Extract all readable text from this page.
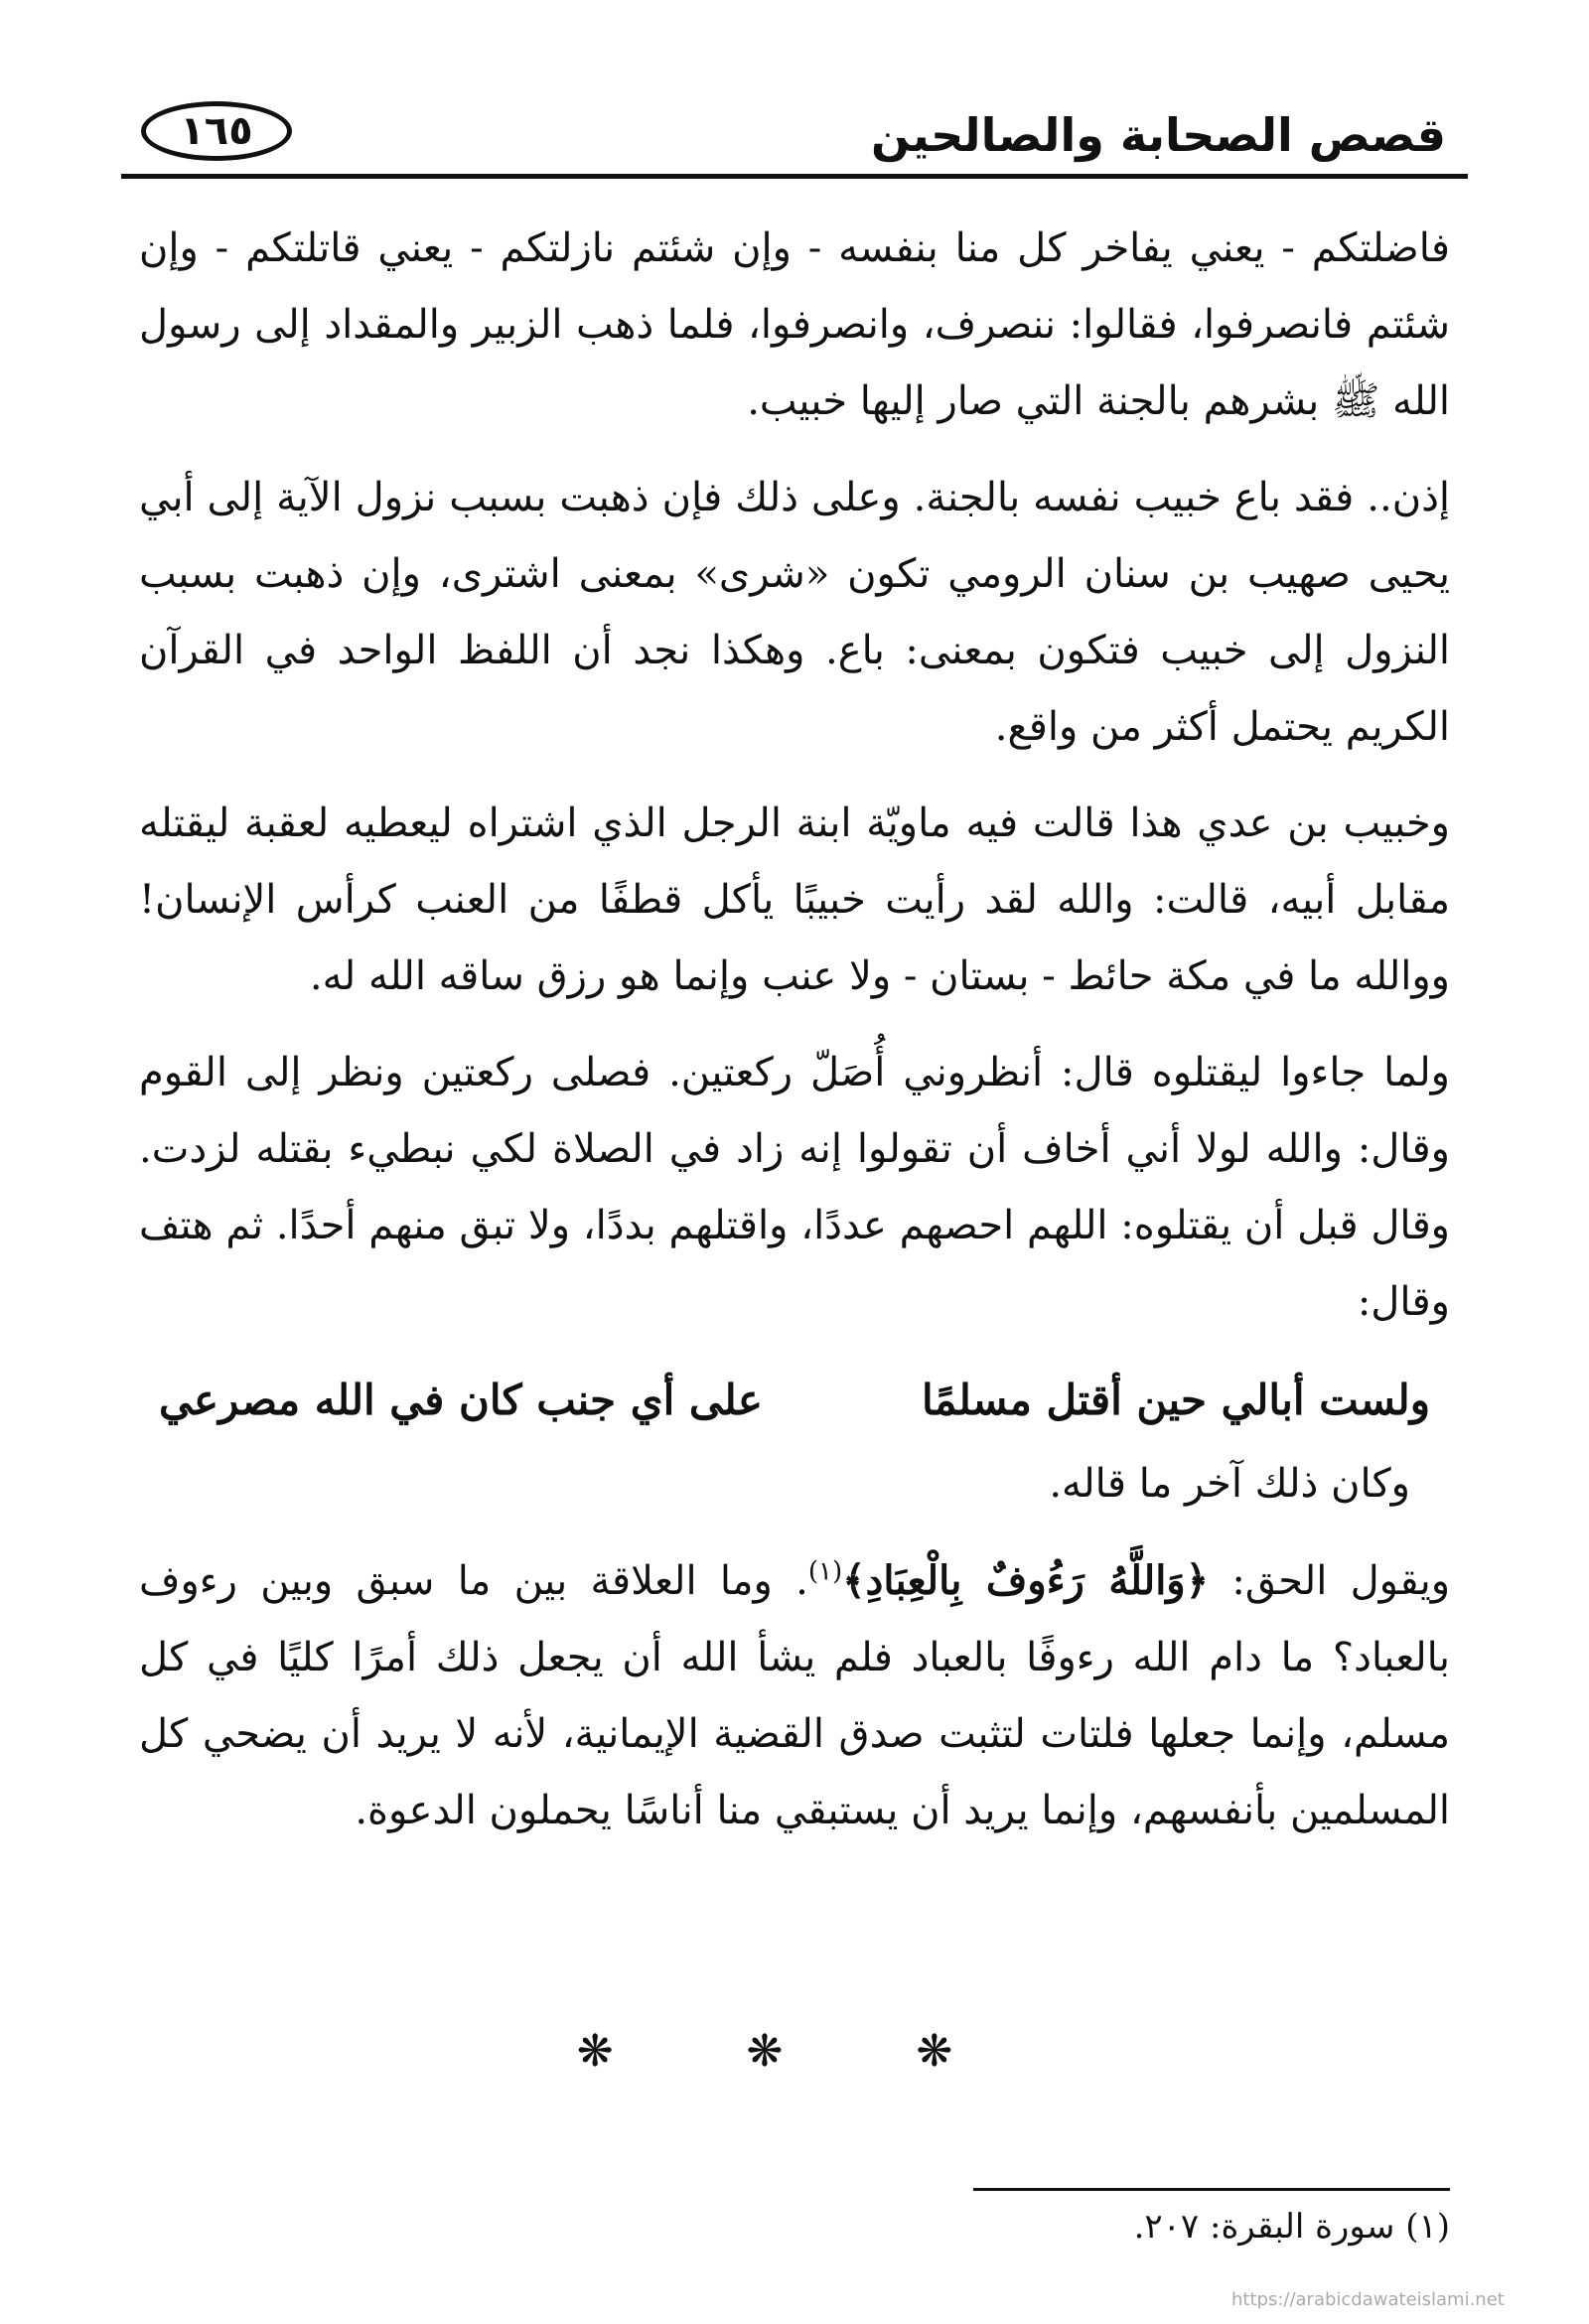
قصص الصحابة والصالحين
١٦٥

فاضلتكم - يعني يفاخر كل منا بنفسه - وإن شئتم نازلتكم - يعني قاتلتكم - وإن شئتم فانصرفوا، فقالوا: ننصرف، وانصرفوا، فلما ذهب الزبير والمقداد إلى رسول الله ﷺ بشرهم بالجنة التي صار إليها خبيب.

إذن.. فقد باع خبيب نفسه بالجنة. وعلى ذلك فإن ذهبت بسبب نزول الآية إلى أبي يحيى صهيب بن سنان الرومي تكون «شرى» بمعنى اشترى، وإن ذهبت بسبب النزول إلى خبيب فتكون بمعنى: باع. وهكذا نجد أن اللفظ الواحد في القرآن الكريم يحتمل أكثر من واقع.

وخبيب بن عدي هذا قالت فيه ماويّة ابنة الرجل الذي اشتراه ليعطيه لعقبة ليقتله مقابل أبيه، قالت: والله لقد رأيت خبيبًا يأكل قطفًا من العنب كرأس الإنسان! ووالله ما في مكة حائط - بستان - ولا عنب وإنما هو رزق ساقه الله له.

ولما جاءوا ليقتلوه قال: أنظروني أُصَلّ ركعتين. فصلى ركعتين ونظر إلى القوم وقال: والله لولا أني أخاف أن تقولوا إنه زاد في الصلاة لكي نبطيء بقتله لزدت. وقال قبل أن يقتلوه: اللهم احصهم عددًا، واقتلهم بددًا، ولا تبق منهم أحدًا. ثم هتف وقال:

ولست أبالي حين أقتل مسلمًا
على أي جنب كان في الله مصرعي
وكان ذلك آخر ما قاله.

ويقول الحق: ﴿وَاللَّهُ رَءُوفٌ بِالْعِبَادِ﴾$^{(١)}$. وما العلاقة بين ما سبق وبين رءوف بالعباد؟ ما دام الله رءوفًا بالعباد فلم يشأ الله أن يجعل ذلك أمرًا كليًا في كل مسلم، وإنما جعلها فلتات لتثبت صدق القضية الإيمانية، لأنه لا يريد أن يضحي كل المسلمين بأنفسهم، وإنما يريد أن يستبقي منا أناسًا يحملون الدعوة.

❋ ❋ ❋
(١) سورة البقرة: ٢٠٧.
https://arabicdawateislami.net
